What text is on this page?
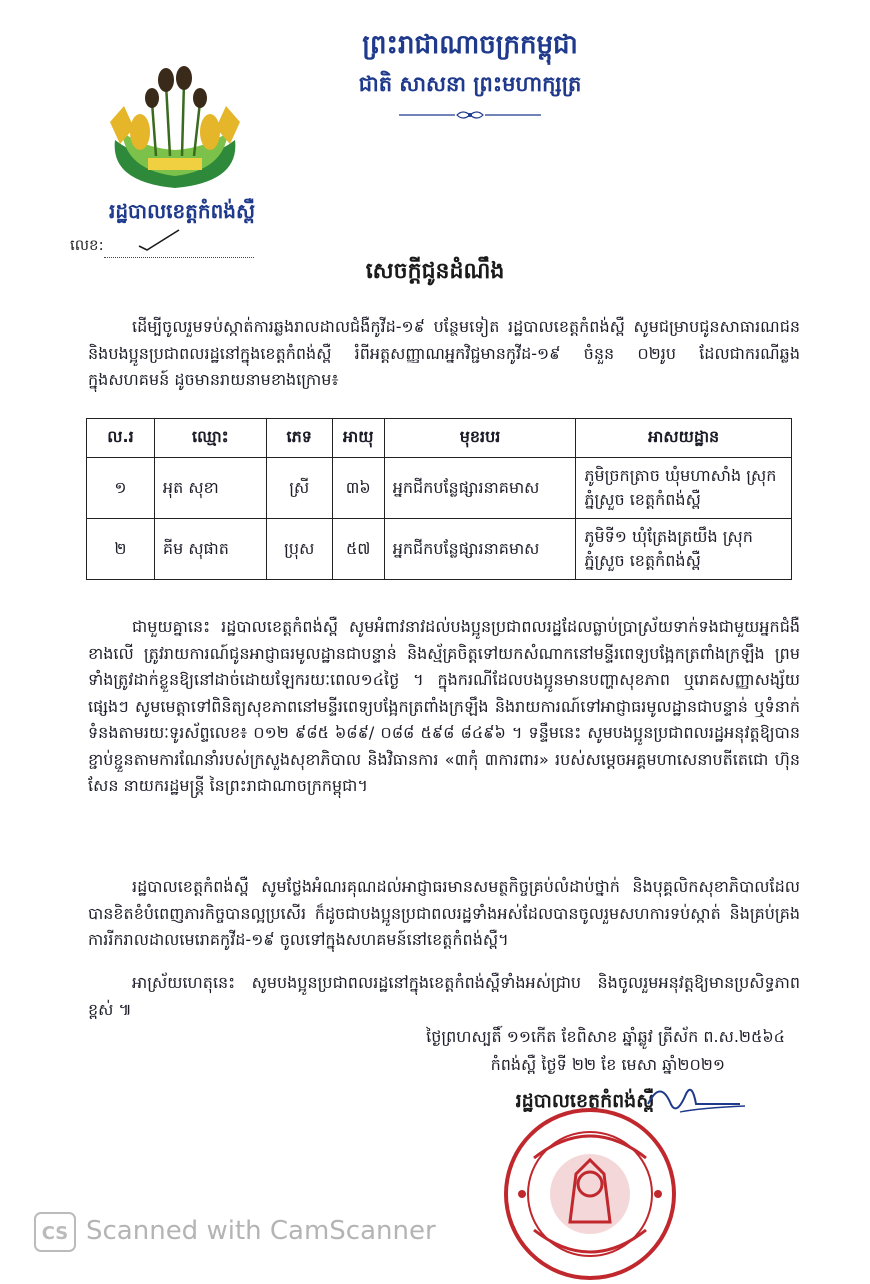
ព្រះរាជាណាចក្រកម្ពុជា
ជាតិ សាសនា ព្រះមហាក្សត្រ
រដ្ឋបាលខេត្តកំពង់ស្ពឺ
លេខ:
សេចក្តីជូនដំណឹង
ដើម្បីចូលរួមទប់ស្កាត់ការឆ្លងរាលដាលជំងឺកូវីដ-១៩ បន្ថែមទៀត រដ្ឋបាលខេត្តកំពង់ស្ពឺ សូមជម្រាបជូនសាធារណជន និងបងប្អូនប្រជាពលរដ្ឋនៅក្នុងខេត្តកំពង់ស្ពឺ រំពីអត្តសញ្ញាណអ្នកវិជ្ជមានកូវីដ-១៩ ចំនួន ០២រូប ដែលជាករណីឆ្លងក្នុងសហគមន៍ ដូចមានរាយនាមខាងក្រោម៖
ល.រ	ឈ្មោះ	ភេទ	អាយុ	មុខរបរ	អាសយដ្ឋាន
១	អុត សុខា	ស្រី	៣៦	អ្នកជីកបន្លែផ្សារនាគមាស	ភូមិច្រកត្រាច ឃុំមហាសាំង ស្រុកភ្នំស្រួច ខេត្តកំពង់ស្ពឺ
២	គីម សុផាត	ប្រុស	៥៧	អ្នកជីកបន្លែផ្សារនាគមាស	ភូមិទី១ ឃុំត្រែងត្រយឹង ស្រុកភ្នំស្រួច ខេត្តកំពង់ស្ពឺ
ជាមួយគ្នានេះ រដ្ឋបាលខេត្តកំពង់ស្ពឺ សូមអំពាវនាវដល់បងប្អូនប្រជាពលរដ្ឋដែលធ្លាប់ប្រាស្រ័យទាក់ទងជាមួយអ្នកជំងឺខាងលើ ត្រូវរាយការណ៍ជូនអាជ្ញាធរមូលដ្ឋានជាបន្ទាន់ និងស្ម័គ្រចិត្តទៅយកសំណាកនៅមន្ទីរពេទ្យបង្អែកត្រពាំងក្រឡឹង ព្រមទាំងត្រូវដាក់ខ្លួនឱ្យនៅដាច់ដោយឡែករយៈពេល១៤ថ្ងៃ ។ ក្នុងករណីដែលបងប្អូនមានបញ្ហាសុខភាព ឬរោគសញ្ញាសង្ស័យផ្សេងៗ សូមមេត្តាទៅពិនិត្យសុខភាពនៅមន្ទីរពេទ្យបង្អែកត្រពាំងក្រឡឹង និងរាយការណ៍ទៅអាជ្ញាធរមូលដ្ឋានជាបន្ទាន់ ឬទំនាក់ទំនងតាមរយៈទូរស័ព្ទលេខ៖ ០១២ ៩៨៥ ៦៨៩/ ០៨៨ ៥៩៨ ៨៤៩៦ ។ ទន្ទឹមនេះ សូមបងប្អូនប្រជាពលរដ្ឋអនុវត្តឱ្យបានខ្ជាប់ខ្ជួនតាមការណែនាំរបស់ក្រសួងសុខាភិបាល និងវិធានការ «៣កុំ ៣ការពារ» របស់សម្តេចអគ្គមហាសេនាបតីតេជោ ហ៊ុន សែន នាយករដ្ឋមន្ត្រី នៃព្រះរាជាណាចក្រកម្ពុជា។
រដ្ឋបាលខេត្តកំពង់ស្ពឺ សូមថ្លែងអំណរគុណដល់អាជ្ញាធរមានសមត្ថកិច្ចគ្រប់លំដាប់ថ្នាក់ និងបុគ្គលិកសុខាភិបាលដែលបានខិតខំបំពេញភារកិច្ចបានល្អប្រសើរ ក៏ដូចជាបងប្អូនប្រជាពលរដ្ឋទាំងអស់ដែលបានចូលរួមសហការទប់ស្កាត់ និងគ្រប់គ្រងការរីករាលដាលមេរោគកូវីដ-១៩ ចូលទៅក្នុងសហគមន៍នៅខេត្តកំពង់ស្ពឺ។
អាស្រ័យហេតុនេះ សូមបងប្អូនប្រជាពលរដ្ឋនៅក្នុងខេត្តកំពង់ស្ពឺទាំងអស់ជ្រាប និងចូលរួមអនុវត្តឱ្យមានប្រសិទ្ធភាពខ្ពស់ ៕
ថ្ងៃព្រហស្បតិ៍ ១១កើត ខែពិសាខ ឆ្នាំឆ្លូវ ត្រីស័ក ព.ស.២៥៦៤
កំពង់ស្ពឺ ថ្ងៃទី ២២ ខែ មេសា ឆ្នាំ២០២១
រដ្ឋបាលខេត្តកំពង់ស្ពឺ
CS Scanned with CamScanner
